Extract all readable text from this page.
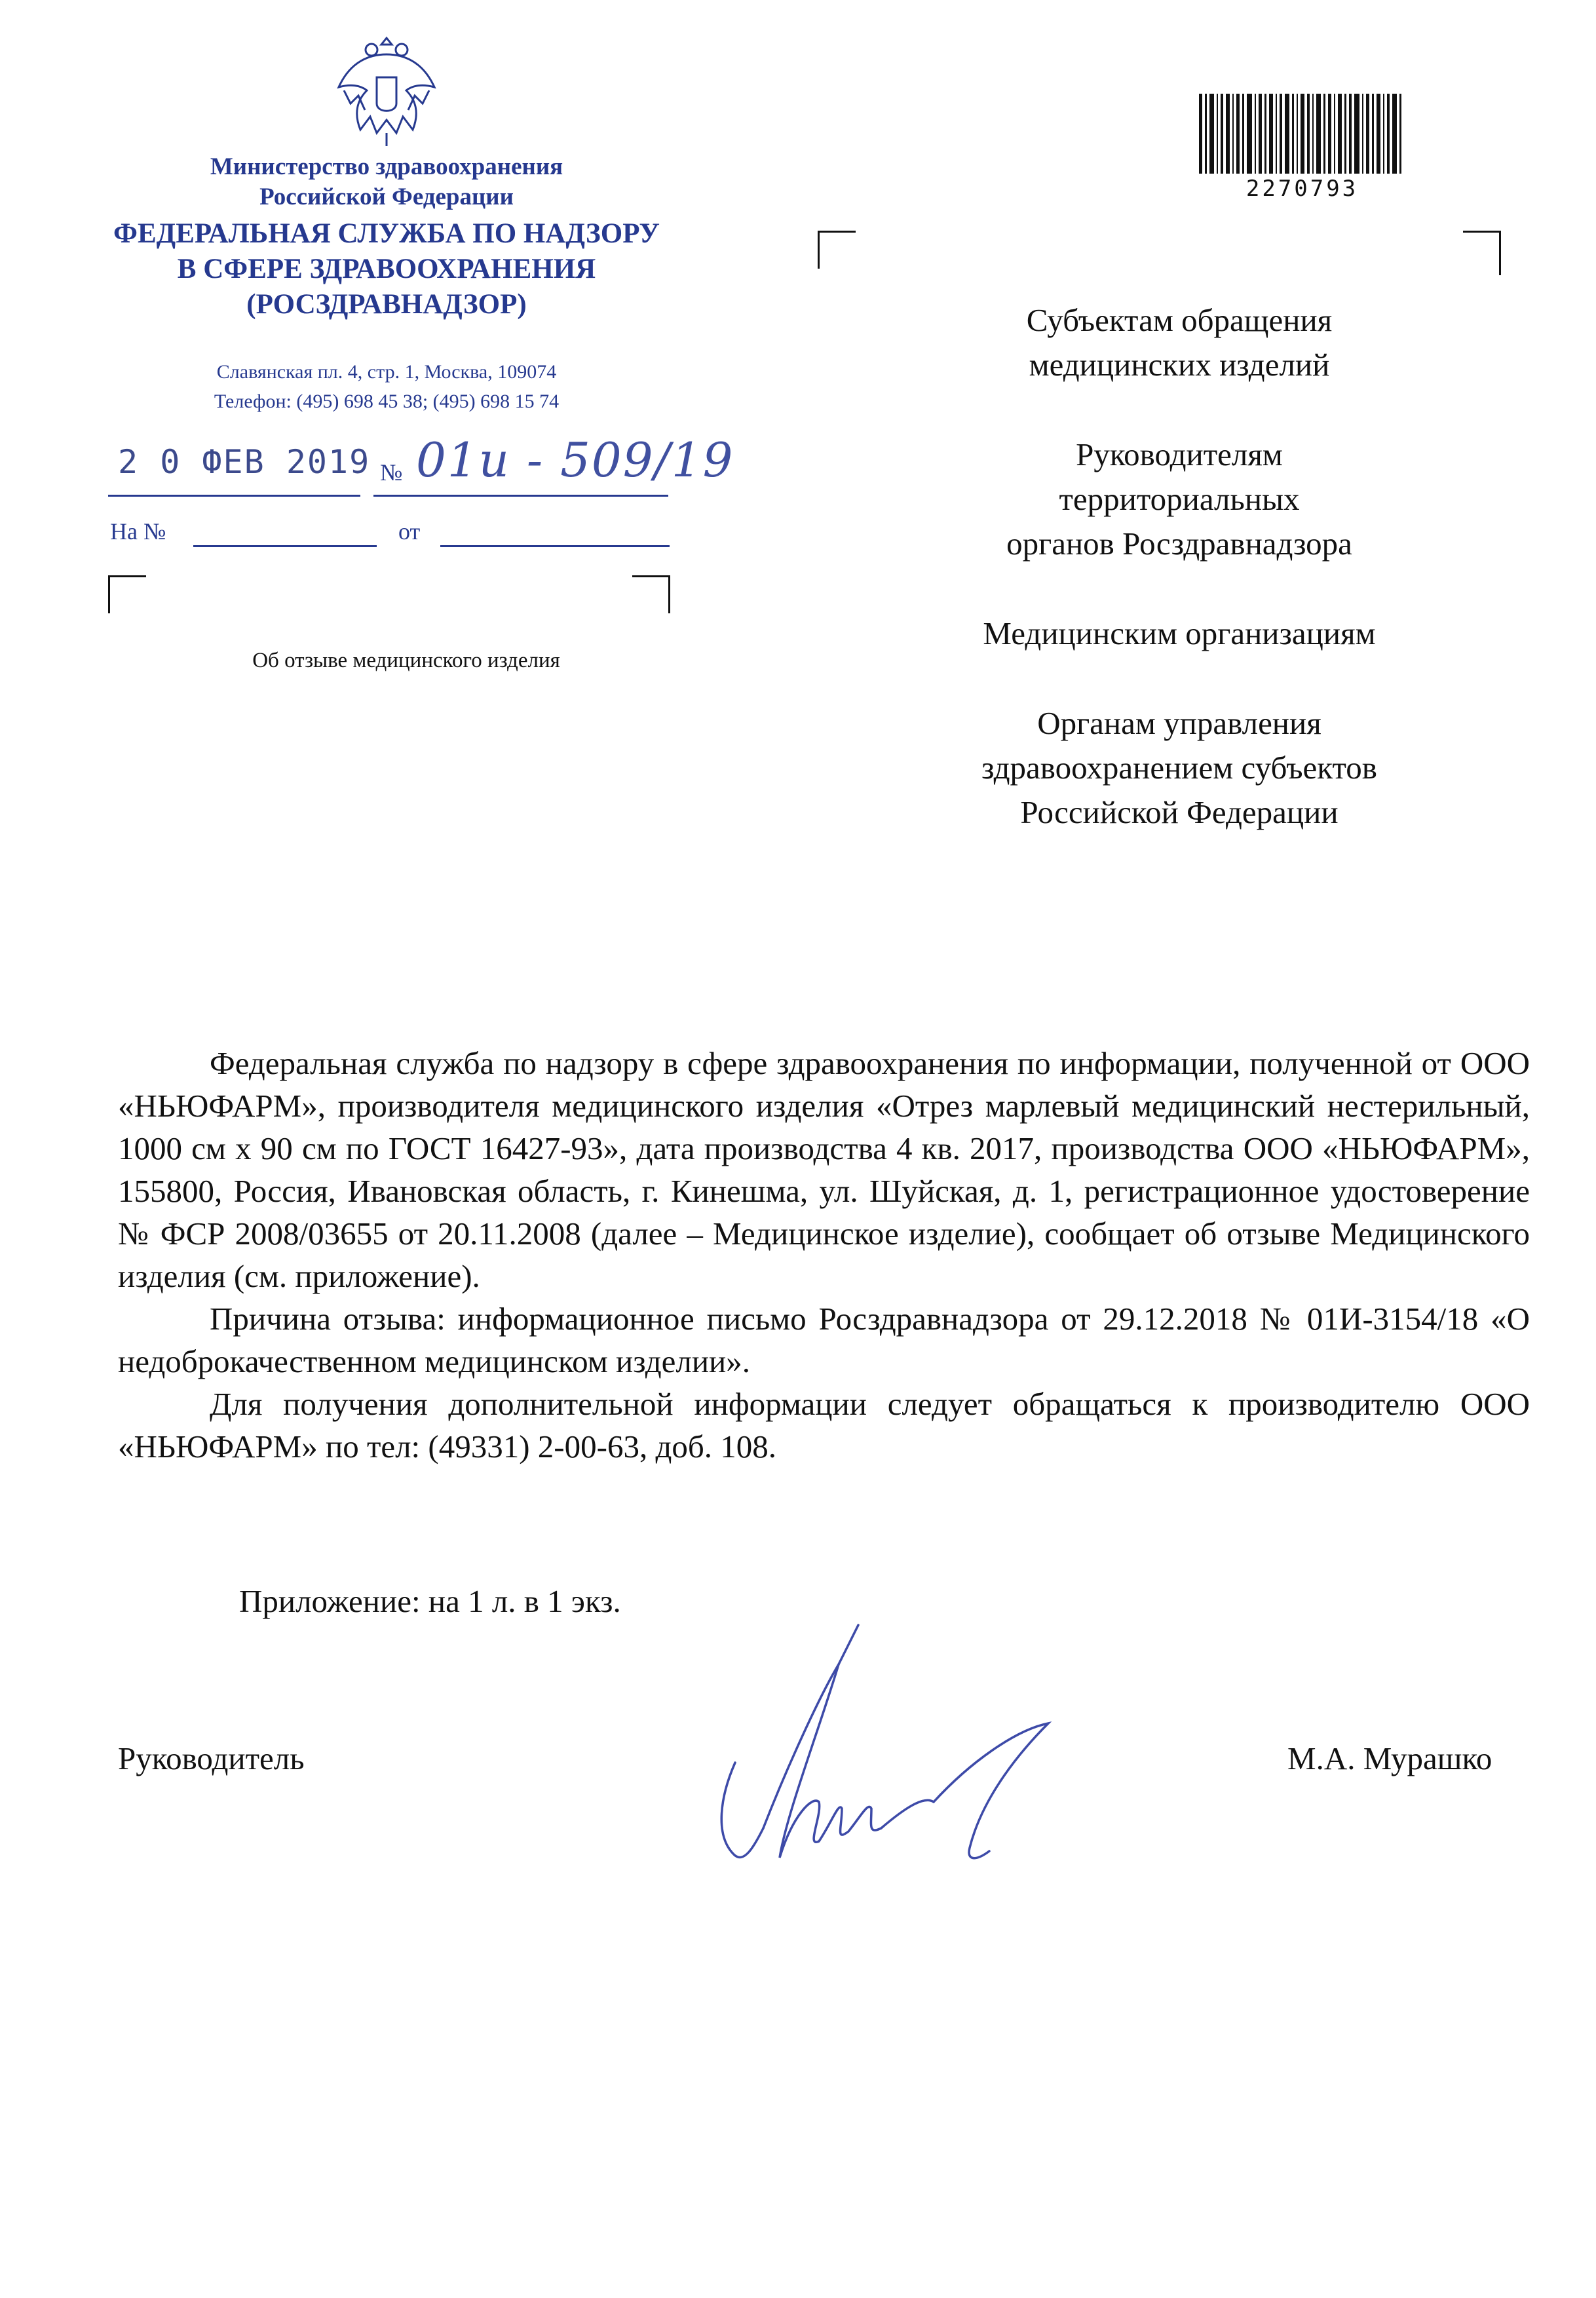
Министерство здравоохранения
Российской Федерации
ФЕДЕРАЛЬНАЯ СЛУЖБА ПО НАДЗОРУ
В СФЕРЕ ЗДРАВООХРАНЕНИЯ
(РОСЗДРАВНАДЗОР)
Славянская пл. 4, стр. 1, Москва, 109074
Телефон: (495) 698 45 38; (495) 698 15 74
2 0 ФЕВ 2019 № 01и - 509/19
На №	от
Об отзыве медицинского изделия
2270793
Субъектам обращения
медицинских изделий
Руководителям
территориальных
органов Росздравнадзора
Медицинским организациям
Органам управления
здравоохранением субъектов
Российской Федерации

Федеральная служба по надзору в сфере здравоохранения по информации, полученной от ООО «НЬЮФАРМ», производителя медицинского изделия «Отрез марлевый медицинский нестерильный, 1000 см х 90 см по ГОСТ 16427-93», дата производства 4 кв. 2017, производства ООО «НЬЮФАРМ», 155800, Россия, Ивановская область, г. Кинешма, ул. Шуйская, д. 1, регистрационное удостоверение № ФСР 2008/03655 от 20.11.2008 (далее – Медицинское изделие), сообщает об отзыве Медицинского изделия (см. приложение).

Причина отзыва: информационное письмо Росздравнадзора от 29.12.2018 № 01И-3154/18 «О недоброкачественном медицинском изделии».

Для получения дополнительной информации следует обращаться к производителю ООО «НЬЮФАРМ» по тел: (49331) 2-00-63, доб. 108.

Приложение: на 1 л. в 1 экз.
Руководитель	М.А. Мурашко
